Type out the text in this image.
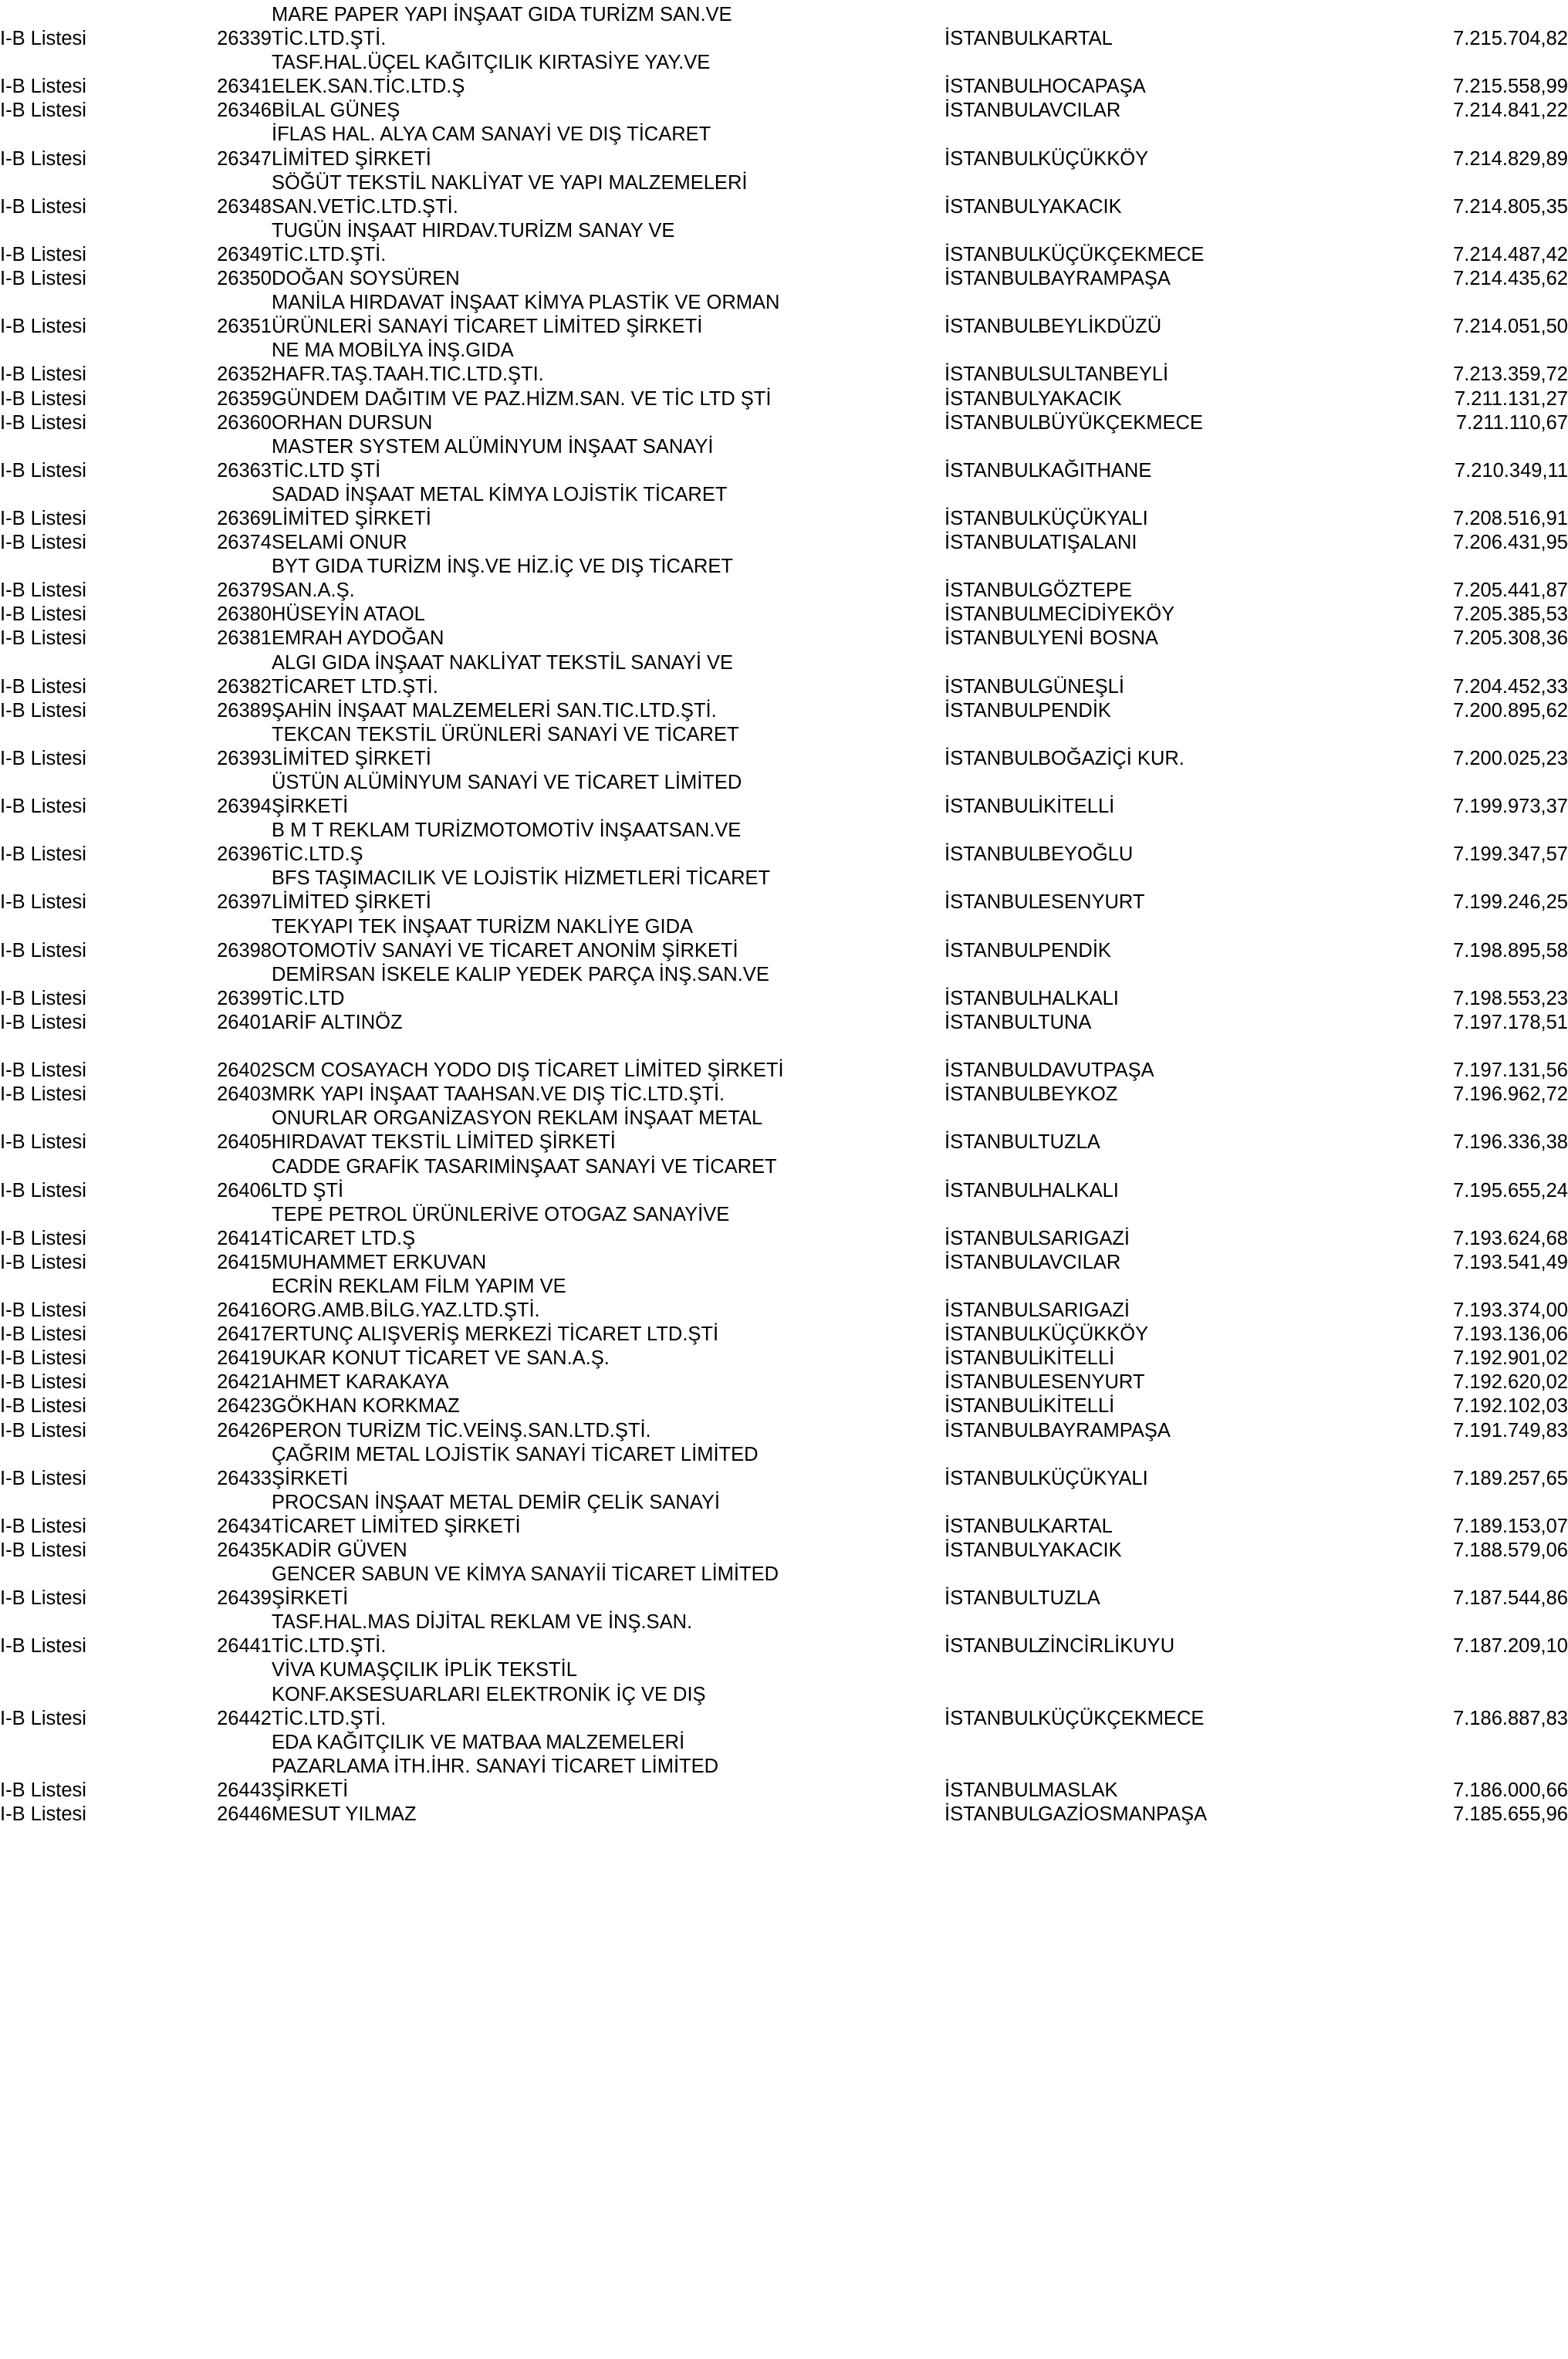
		MARE PAPER YAPI İNŞAAT GIDA TURİZM SAN.VE			
I-B Listesi	26339	TİC.LTD.ŞTİ.	İSTANBUL	KARTAL	7.215.704,82
		TASF.HAL.ÜÇEL KAĞITÇILIK KIRTASİYE YAY.VE			
I-B Listesi	26341	ELEK.SAN.TİC.LTD.Ş	İSTANBUL	HOCAPAŞA	7.215.558,99
I-B Listesi	26346	BİLAL GÜNEŞ	İSTANBUL	AVCILAR	7.214.841,22
		İFLAS HAL. ALYA CAM SANAYİ VE DIŞ TİCARET			
I-B Listesi	26347	LİMİTED ŞİRKETİ	İSTANBUL	KÜÇÜKKÖY	7.214.829,89
		SÖĞÜT TEKSTİL NAKLİYAT VE YAPI MALZEMELERİ			
I-B Listesi	26348	SAN.VETİC.LTD.ŞTİ.	İSTANBUL	YAKACIK	7.214.805,35
		TUGÜN İNŞAAT HIRDAV.TURİZM SANAY VE			
I-B Listesi	26349	TİC.LTD.ŞTİ.	İSTANBUL	KÜÇÜKÇEKMECE	7.214.487,42
I-B Listesi	26350	DOĞAN SOYSÜREN	İSTANBUL	BAYRAMPAŞA	7.214.435,62
		MANİLA HIRDAVAT İNŞAAT KİMYA PLASTİK VE ORMAN			
I-B Listesi	26351	ÜRÜNLERİ SANAYİ TİCARET LİMİTED ŞİRKETİ	İSTANBUL	BEYLİKDÜZÜ	7.214.051,50
		NE MA MOBİLYA İNŞ.GIDA			
I-B Listesi	26352	HAFR.TAŞ.TAAH.TIC.LTD.ŞTI.	İSTANBUL	SULTANBEYLİ	7.213.359,72
I-B Listesi	26359	GÜNDEM DAĞITIM VE PAZ.HİZM.SAN. VE TİC LTD ŞTİ	İSTANBUL	YAKACIK	7.211.131,27
I-B Listesi	26360	ORHAN DURSUN	İSTANBUL	BÜYÜKÇEKMECE	7.211.110,67
		MASTER SYSTEM ALÜMİNYUM İNŞAAT SANAYİ			
I-B Listesi	26363	TİC.LTD ŞTİ	İSTANBUL	KAĞITHANE	7.210.349,11
		SADAD İNŞAAT METAL KİMYA LOJİSTİK TİCARET			
I-B Listesi	26369	LİMİTED ŞİRKETİ	İSTANBUL	KÜÇÜKYALI	7.208.516,91
I-B Listesi	26374	SELAMİ ONUR	İSTANBUL	ATIŞALANI	7.206.431,95
		BYT GIDA TURİZM İNŞ.VE HİZ.İÇ VE DIŞ TİCARET			
I-B Listesi	26379	SAN.A.Ş.	İSTANBUL	GÖZTEPE	7.205.441,87
I-B Listesi	26380	HÜSEYİN ATAOL	İSTANBUL	MECİDİYEKÖY	7.205.385,53
I-B Listesi	26381	EMRAH AYDOĞAN	İSTANBUL	YENİ BOSNA	7.205.308,36
		ALGI GIDA İNŞAAT NAKLİYAT TEKSTİL SANAYİ VE			
I-B Listesi	26382	TİCARET LTD.ŞTİ.	İSTANBUL	GÜNEŞLİ	7.204.452,33
I-B Listesi	26389	ŞAHİN İNŞAAT MALZEMELERİ SAN.TIC.LTD.ŞTİ.	İSTANBUL	PENDİK	7.200.895,62
		TEKCAN TEKSTİL ÜRÜNLERİ SANAYİ VE TİCARET			
I-B Listesi	26393	LİMİTED ŞİRKETİ	İSTANBUL	BOĞAZİÇİ KUR.	7.200.025,23
		ÜSTÜN ALÜMİNYUM SANAYİ VE TİCARET LİMİTED			
I-B Listesi	26394	ŞİRKETİ	İSTANBUL	İKİTELLİ	7.199.973,37
		B M T REKLAM TURİZMOTOMOTİV İNŞAATSAN.VE			
I-B Listesi	26396	TİC.LTD.Ş	İSTANBUL	BEYOĞLU	7.199.347,57
		BFS TAŞIMACILIK VE LOJİSTİK HİZMETLERİ TİCARET			
I-B Listesi	26397	LİMİTED ŞİRKETİ	İSTANBUL	ESENYURT	7.199.246,25
		TEKYAPI TEK İNŞAAT TURİZM NAKLİYE GIDA			
I-B Listesi	26398	OTOMOTİV SANAYİ VE TİCARET ANONİM ŞİRKETİ	İSTANBUL	PENDİK	7.198.895,58
		DEMİRSAN İSKELE KALIP YEDEK PARÇA İNŞ.SAN.VE			
I-B Listesi	26399	TİC.LTD	İSTANBUL	HALKALI	7.198.553,23
I-B Listesi	26401	ARİF ALTINÖZ	İSTANBUL	TUNA	7.197.178,51

I-B Listesi	26402	SCM COSAYACH YODO DIŞ TİCARET LİMİTED ŞİRKETİ	İSTANBUL	DAVUTPAŞA	7.197.131,56
I-B Listesi	26403	MRK YAPI İNŞAAT TAAHSAN.VE DIŞ TİC.LTD.ŞTİ.	İSTANBUL	BEYKOZ	7.196.962,72
		ONURLAR ORGANİZASYON REKLAM İNŞAAT METAL			
I-B Listesi	26405	HIRDAVAT TEKSTİL LİMİTED ŞİRKETİ	İSTANBUL	TUZLA	7.196.336,38
		CADDE GRAFİK TASARIMİNŞAAT SANAYİ VE TİCARET			
I-B Listesi	26406	LTD ŞTİ	İSTANBUL	HALKALI	7.195.655,24
		TEPE PETROL ÜRÜNLERİVE OTOGAZ SANAYİVE			
I-B Listesi	26414	TİCARET LTD.Ş	İSTANBUL	SARIGAZİ	7.193.624,68
I-B Listesi	26415	MUHAMMET ERKUVAN	İSTANBUL	AVCILAR	7.193.541,49
		ECRİN REKLAM FİLM YAPIM VE			
I-B Listesi	26416	ORG.AMB.BİLG.YAZ.LTD.ŞTİ.	İSTANBUL	SARIGAZİ	7.193.374,00
I-B Listesi	26417	ERTUNÇ ALIŞVERİŞ MERKEZİ TİCARET LTD.ŞTİ	İSTANBUL	KÜÇÜKKÖY	7.193.136,06
I-B Listesi	26419	UKAR KONUT TİCARET VE SAN.A.Ş.	İSTANBUL	İKİTELLİ	7.192.901,02
I-B Listesi	26421	AHMET KARAKAYA	İSTANBUL	ESENYURT	7.192.620,02
I-B Listesi	26423	GÖKHAN KORKMAZ	İSTANBUL	İKİTELLİ	7.192.102,03
I-B Listesi	26426	PERON TURİZM TİC.VEİNŞ.SAN.LTD.ŞTİ.	İSTANBUL	BAYRAMPAŞA	7.191.749,83
		ÇAĞRIM METAL LOJİSTİK SANAYİ TİCARET LİMİTED			
I-B Listesi	26433	ŞİRKETİ	İSTANBUL	KÜÇÜKYALI	7.189.257,65
		PROCSAN İNŞAAT METAL DEMİR ÇELİK SANAYİ			
I-B Listesi	26434	TİCARET LİMİTED ŞİRKETİ	İSTANBUL	KARTAL	7.189.153,07
I-B Listesi	26435	KADİR GÜVEN	İSTANBUL	YAKACIK	7.188.579,06
		GENCER SABUN VE KİMYA SANAYİİ TİCARET LİMİTED			
I-B Listesi	26439	ŞİRKETİ	İSTANBUL	TUZLA	7.187.544,86
		TASF.HAL.MAS DİJİTAL REKLAM VE İNŞ.SAN.			
I-B Listesi	26441	TİC.LTD.ŞTİ.	İSTANBUL	ZİNCİRLİKUYU	7.187.209,10
		VİVA KUMAŞÇILIK İPLİK TEKSTİL			
		KONF.AKSESUARLARI ELEKTRONİK İÇ VE DIŞ			
I-B Listesi	26442	TİC.LTD.ŞTİ.	İSTANBUL	KÜÇÜKÇEKMECE	7.186.887,83
		EDA KAĞITÇILIK VE MATBAA MALZEMELERİ			
		PAZARLAMA İTH.İHR. SANAYİ TİCARET LİMİTED			
I-B Listesi	26443	ŞİRKETİ	İSTANBUL	MASLAK	7.186.000,66
I-B Listesi	26446	MESUT YILMAZ	İSTANBUL	GAZİOSMANPAŞA	7.185.655,96
